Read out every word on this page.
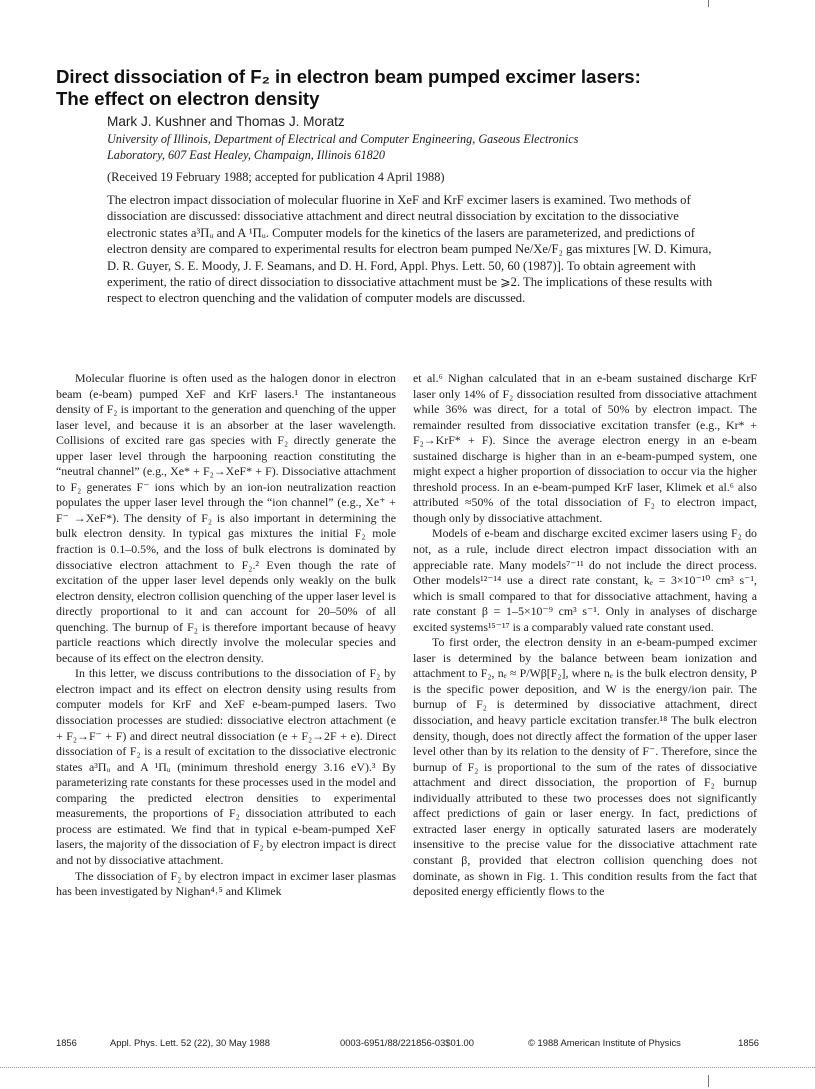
Direct dissociation of F₂ in electron beam pumped excimer lasers:
The effect on electron density
Mark J. Kushner and Thomas J. Moratz
University of Illinois, Department of Electrical and Computer Engineering, Gaseous Electronics
Laboratory, 607 East Healey, Champaign, Illinois 61820
(Received 19 February 1988; accepted for publication 4 April 1988)
The electron impact dissociation of molecular fluorine in XeF and KrF excimer lasers is examined. Two methods of dissociation are discussed: dissociative attachment and direct neutral dissociation by excitation to the dissociative electronic states a³Πᵤ and A ¹Πᵤ. Computer models for the kinetics of the lasers are parameterized, and predictions of electron density are compared to experimental results for electron beam pumped Ne/Xe/F₂ gas mixtures [W. D. Kimura, D. R. Guyer, S. E. Moody, J. F. Seamans, and D. H. Ford, Appl. Phys. Lett. 50, 60 (1987)]. To obtain agreement with experiment, the ratio of direct dissociation to dissociative attachment must be ⩾2. The implications of these results with respect to electron quenching and the validation of computer models are discussed.

Molecular fluorine is often used as the halogen donor in electron beam (e-beam) pumped XeF and KrF lasers.¹ The instantaneous density of F₂ is important to the generation and quenching of the upper laser level, and because it is an absorber at the laser wavelength. Collisions of excited rare gas species with F₂ directly generate the upper laser level through the harpooning reaction constituting the “neutral channel” (e.g., Xe* + F₂→XeF* + F). Dissociative attachment to F₂ generates F⁻ ions which by an ion-ion neutralization reaction populates the upper laser level through the “ion channel” (e.g., Xe⁺ + F⁻ →XeF*). The density of F₂ is also important in determining the bulk electron density. In typical gas mixtures the initial F₂ mole fraction is 0.1–0.5%, and the loss of bulk electrons is dominated by dissociative electron attachment to F₂.² Even though the rate of excitation of the upper laser level depends only weakly on the bulk electron density, electron collision quenching of the upper laser level is directly proportional to it and can account for 20–50% of all quenching. The burnup of F₂ is therefore important because of heavy particle reactions which directly involve the molecular species and because of its effect on the electron density.

In this letter, we discuss contributions to the dissociation of F₂ by electron impact and its effect on electron density using results from computer models for KrF and XeF e-beam-pumped lasers. Two dissociation processes are studied: dissociative electron attachment (e + F₂→F⁻ + F) and direct neutral dissociation (e + F₂→2F + e). Direct dissociation of F₂ is a result of excitation to the dissociative electronic states a³Πᵤ and A ¹Πᵤ (minimum threshold energy 3.16 eV).³ By parameterizing rate constants for these processes used in the model and comparing the predicted electron densities to experimental measurements, the proportions of F₂ dissociation attributed to each process are estimated. We find that in typical e-beam-pumped XeF lasers, the majority of the dissociation of F₂ by electron impact is direct and not by dissociative attachment.

The dissociation of F₂ by electron impact in excimer laser plasmas has been investigated by Nighan⁴˒⁵ and Klimek

et al.⁶ Nighan calculated that in an e-beam sustained discharge KrF laser only 14% of F₂ dissociation resulted from dissociative attachment while 36% was direct, for a total of 50% by electron impact. The remainder resulted from dissociative excitation transfer (e.g., Kr* + F₂→KrF* + F). Since the average electron energy in an e-beam sustained discharge is higher than in an e-beam-pumped system, one might expect a higher proportion of dissociation to occur via the higher threshold process. In an e-beam-pumped KrF laser, Klimek et al.⁶ also attributed ≈50% of the total dissociation of F₂ to electron impact, though only by dissociative attachment.

Models of e-beam and discharge excited excimer lasers using F₂ do not, as a rule, include direct electron impact dissociation with an appreciable rate. Many models⁷⁻¹¹ do not include the direct process. Other models¹²⁻¹⁴ use a direct rate constant, kₑ = 3×10⁻¹⁰ cm³ s⁻¹, which is small compared to that for dissociative attachment, having a rate constant β = 1–5×10⁻⁹ cm³ s⁻¹. Only in analyses of discharge excited systems¹⁵⁻¹⁷ is a comparably valued rate constant used.

To first order, the electron density in an e-beam-pumped excimer laser is determined by the balance between beam ionization and attachment to F₂, nₑ ≈ P/Wβ[F₂], where nₑ is the bulk electron density, P is the specific power deposition, and W is the energy/ion pair. The burnup of F₂ is determined by dissociative attachment, direct dissociation, and heavy particle excitation transfer.¹⁸ The bulk electron density, though, does not directly affect the formation of the upper laser level other than by its relation to the density of F⁻. Therefore, since the burnup of F₂ is proportional to the sum of the rates of dissociative attachment and direct dissociation, the proportion of F₂ burnup individually attributed to these two processes does not significantly affect predictions of gain or laser energy. In fact, predictions of extracted laser energy in optically saturated lasers are moderately insensitive to the precise value for the dissociative attachment rate constant β, provided that electron collision quenching does not dominate, as shown in Fig. 1. This condition results from the fact that deposited energy efficiently flows to the

1856	Appl. Phys. Lett. 52 (22), 30 May 1988	0003-6951/88/221856-03$01.00	© 1988 American Institute of Physics	1856
